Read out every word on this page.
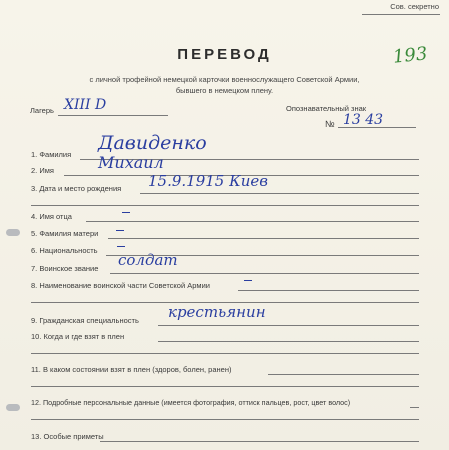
Сов. секретно
193
ПЕРЕВОД
с личной трофейной немецкой карточки военнослужащего Советской Армии,
бывшего в немецком плену.
Лагерь XIII D	Опознавательный знак
№ 13 43
1. Фамилия
Давиденко
2. Имя	Михаил
3. Дата и место рождения 15.9.1915 Киев
4. Имя отца
5. Фамилия матери
6. Национальность
7. Воинское звание солдат
8. Наименование воинской части Советской Армии
9. Гражданская специальность крестьянин
10. Когда и где взят в плен
11. В каком состоянии взят в плен (здоров, болен, ранен)
12. Подробные персональные данные (имеется фотография, оттиск пальцев, рост, цвет волос)
13. Особые приметы
